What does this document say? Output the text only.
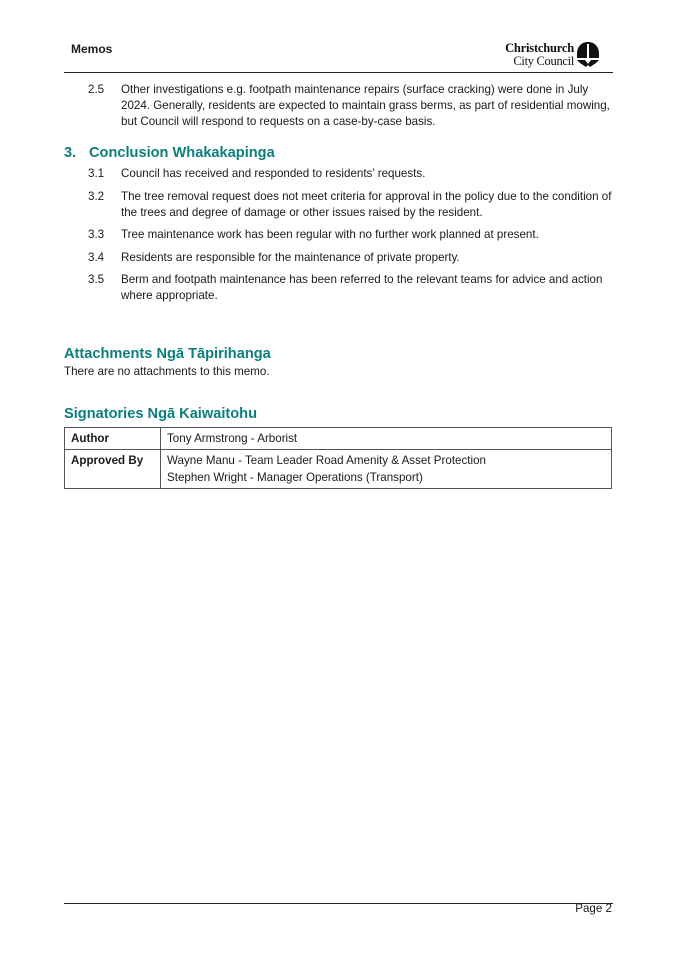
Memos	Christchurch
City Council
2.5 Other investigations e.g. footpath maintenance repairs (surface cracking) were done in July 2024. Generally, residents are expected to maintain grass berms, as part of residential mowing, but Council will respond to requests on a case-by-case basis.
3. Conclusion Whakakapinga
3.1 Council has received and responded to residents’ requests.
3.2 The tree removal request does not meet criteria for approval in the policy due to the condition of the trees and degree of damage or other issues raised by the resident.
3.3 Tree maintenance work has been regular with no further work planned at present.
3.4 Residents are responsible for the maintenance of private property.
3.5 Berm and footpath maintenance has been referred to the relevant teams for advice and action where appropriate.
Attachments Ngā Tāpirihanga
There are no attachments to this memo.
Signatories Ngā Kaiwaitohu
Author	Tony Armstrong - Arborist

Approved By	Wayne Manu - Team Leader Road Amenity & Asset Protection
Stephen Wright - Manager Operations (Transport)
Page 2
